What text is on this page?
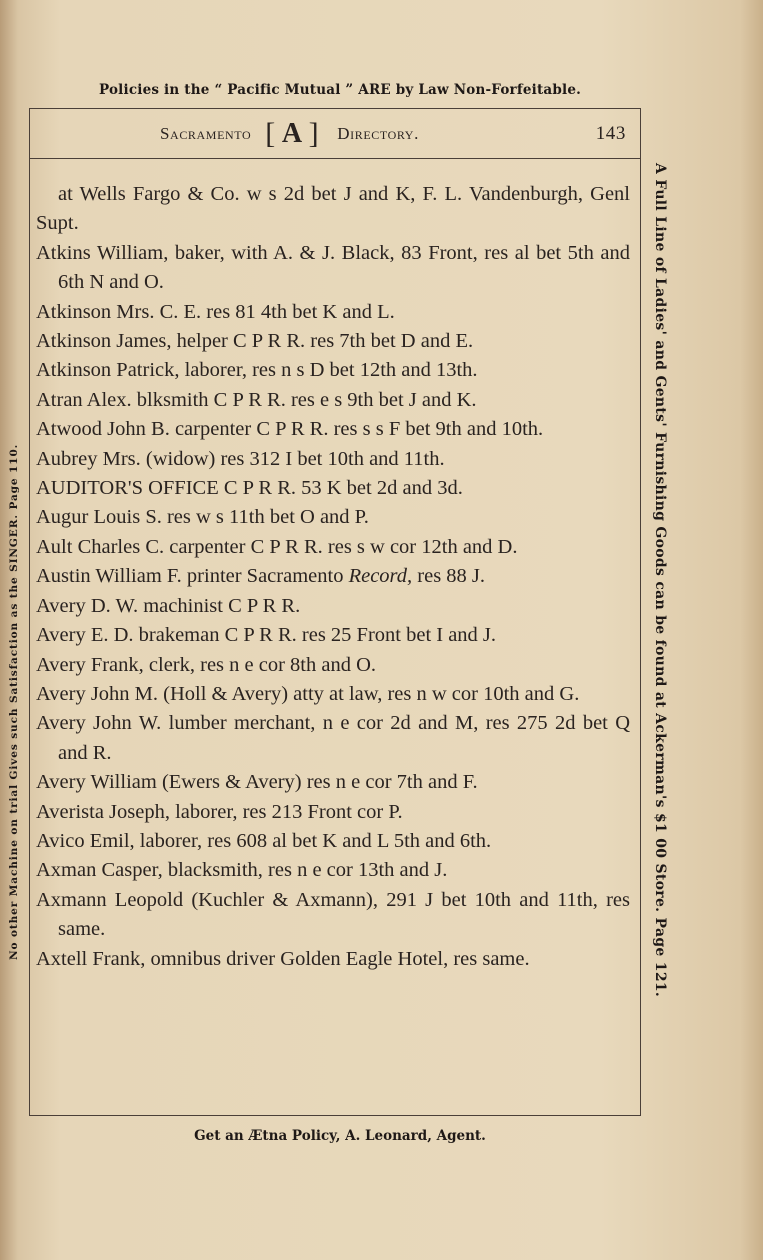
Policies in the “ Pacific Mutual ” ARE by Law Non-Forfeitable.
Sacramento [ A ] Directory.	143
at Wells Fargo & Co. w s 2d bet J and K, F. L. Vandenburgh, Genl Supt.
Atkins William, baker, with A. & J. Black, 83 Front, res al bet 5th and 6th N and O.
Atkinson Mrs. C. E. res 81 4th bet K and L.
Atkinson James, helper C P R R. res 7th bet D and E.
Atkinson Patrick, laborer, res n s D bet 12th and 13th.
Atran Alex. blksmith C P R R. res e s 9th bet J and K.
Atwood John B. carpenter C P R R. res s s F bet 9th and 10th.
Aubrey Mrs. (widow) res 312 I bet 10th and 11th.
AUDITOR'S OFFICE C P R R. 53 K bet 2d and 3d.
Augur Louis S. res w s 11th bet O and P.
Ault Charles C. carpenter C P R R. res s w cor 12th and D.
Austin William F. printer Sacramento Record, res 88 J.
Avery D. W. machinist C P R R.
Avery E. D. brakeman C P R R. res 25 Front bet I and J.
Avery Frank, clerk, res n e cor 8th and O.
Avery John M. (Holl & Avery) atty at law, res n w cor 10th and G.
Avery John W. lumber merchant, n e cor 2d and M, res 275 2d bet Q and R.
Avery William (Ewers & Avery) res n e cor 7th and F.
Averista Joseph, laborer, res 213 Front cor P.
Avico Emil, laborer, res 608 al bet K and L 5th and 6th.
Axman Casper, blacksmith, res n e cor 13th and J.
Axmann Leopold (Kuchler & Axmann), 291 J bet 10th and 11th, res same.
Axtell Frank, omnibus driver Golden Eagle Hotel, res same.
Get an Ætna Policy, A. Leonard, Agent.
No other Machine on trial Gives such Satisfaction as the SINGER. Page 110.	A Full Line of Ladies' and Gents' Furnishing Goods can be found at Ackerman's $1 00 Store. Page 121.
